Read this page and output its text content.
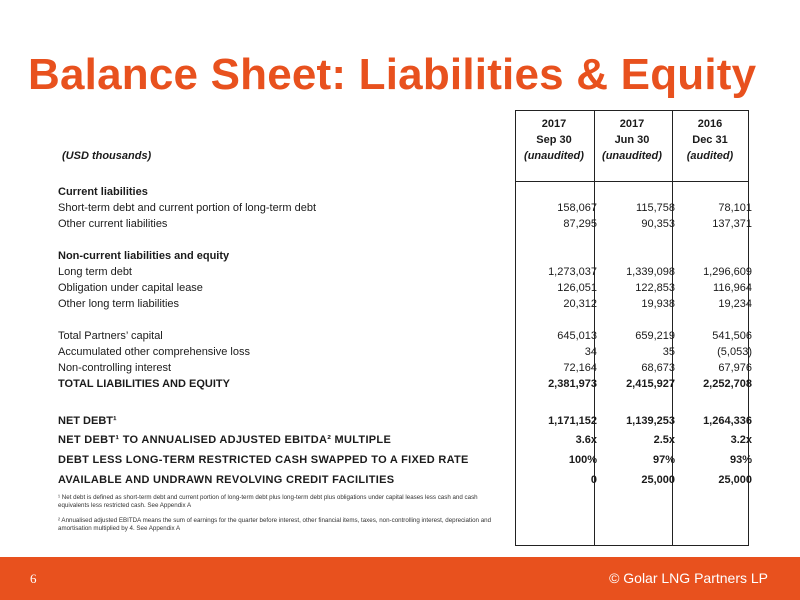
Balance Sheet: Liabilities & Equity
2017
Sep 30
(unaudited)
2017
Jun 30
(unaudited)
2016
Dec 31
(audited)
(USD thousands)
Current liabilities
Short-term debt and current portion of long-term debt	158,067	115,758	78,101
Other current liabilities	87,295	90,353	137,371
Non-current liabilities and equity
Long term debt	1,273,037	1,339,098	1,296,609
Obligation under capital lease	126,051	122,853	116,964
Other long term liabilities	20,312	19,938	19,234
Total Partners’ capital	645,013	659,219	541,506
Accumulated other comprehensive loss	34	35	(5,053)
Non-controlling interest	72,164	68,673	67,976
TOTAL LIABILITIES AND EQUITY	2,381,973	2,415,927	2,252,708
NET DEBT¹	1,171,152	1,139,253	1,264,336
NET DEBT¹ TO ANNUALISED ADJUSTED EBITDA² MULTIPLE	3.6x	2.5x	3.2x
DEBT LESS LONG-TERM RESTRICTED CASH SWAPPED TO A FIXED RATE	100%	97%	93%
AVAILABLE AND UNDRAWN REVOLVING CREDIT FACILITIES	0	25,000	25,000
¹ Net debt is defined as short-term debt and current portion of long-term debt plus long-term debt plus obligations under capital leases less cash and cash equivalents less restricted cash. See Appendix A
² Annualised adjusted EBITDA means the sum of earnings for the quarter before interest, other financial items, taxes, non-controlling interest, depreciation and amortisation multiplied by 4. See Appendix A
6	© Golar LNG Partners LP
